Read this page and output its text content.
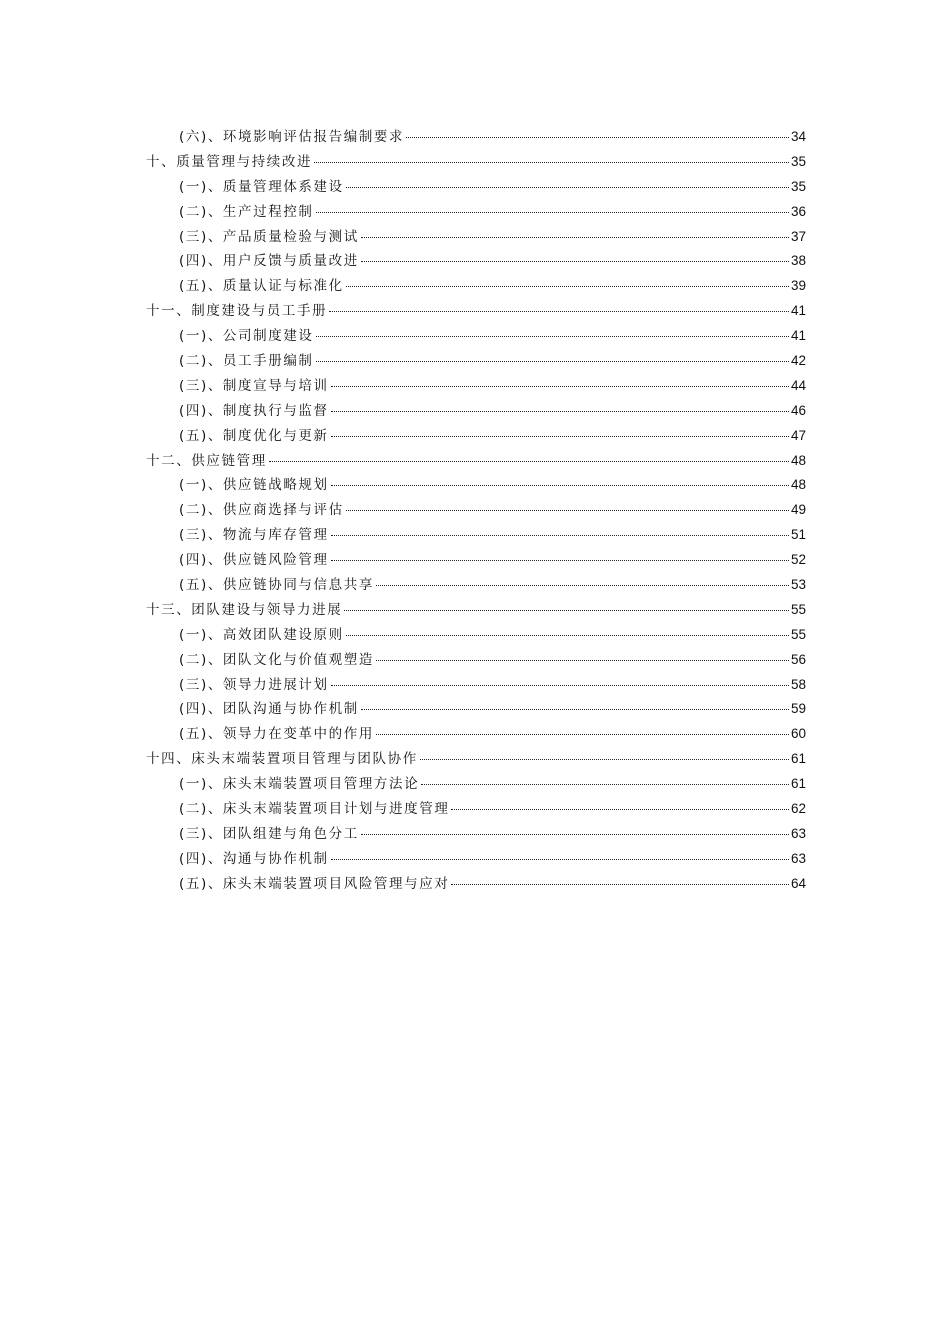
(六)、环境影响评估报告编制要求	34
十、质量管理与持续改进	35
(一)、质量管理体系建设	35
(二)、生产过程控制	36
(三)、产品质量检验与测试	37
(四)、用户反馈与质量改进	38
(五)、质量认证与标准化	39
十一、制度建设与员工手册	41
(一)、公司制度建设	41
(二)、员工手册编制	42
(三)、制度宣导与培训	44
(四)、制度执行与监督	46
(五)、制度优化与更新	47
十二、供应链管理	48
(一)、供应链战略规划	48
(二)、供应商选择与评估	49
(三)、物流与库存管理	51
(四)、供应链风险管理	52
(五)、供应链协同与信息共享	53
十三、团队建设与领导力进展	55
(一)、高效团队建设原则	55
(二)、团队文化与价值观塑造	56
(三)、领导力进展计划	58
(四)、团队沟通与协作机制	59
(五)、领导力在变革中的作用	60
十四、床头末端装置项目管理与团队协作	61
(一)、床头末端装置项目管理方法论	61
(二)、床头末端装置项目计划与进度管理	62
(三)、团队组建与角色分工	63
(四)、沟通与协作机制	63
(五)、床头末端装置项目风险管理与应对	64
